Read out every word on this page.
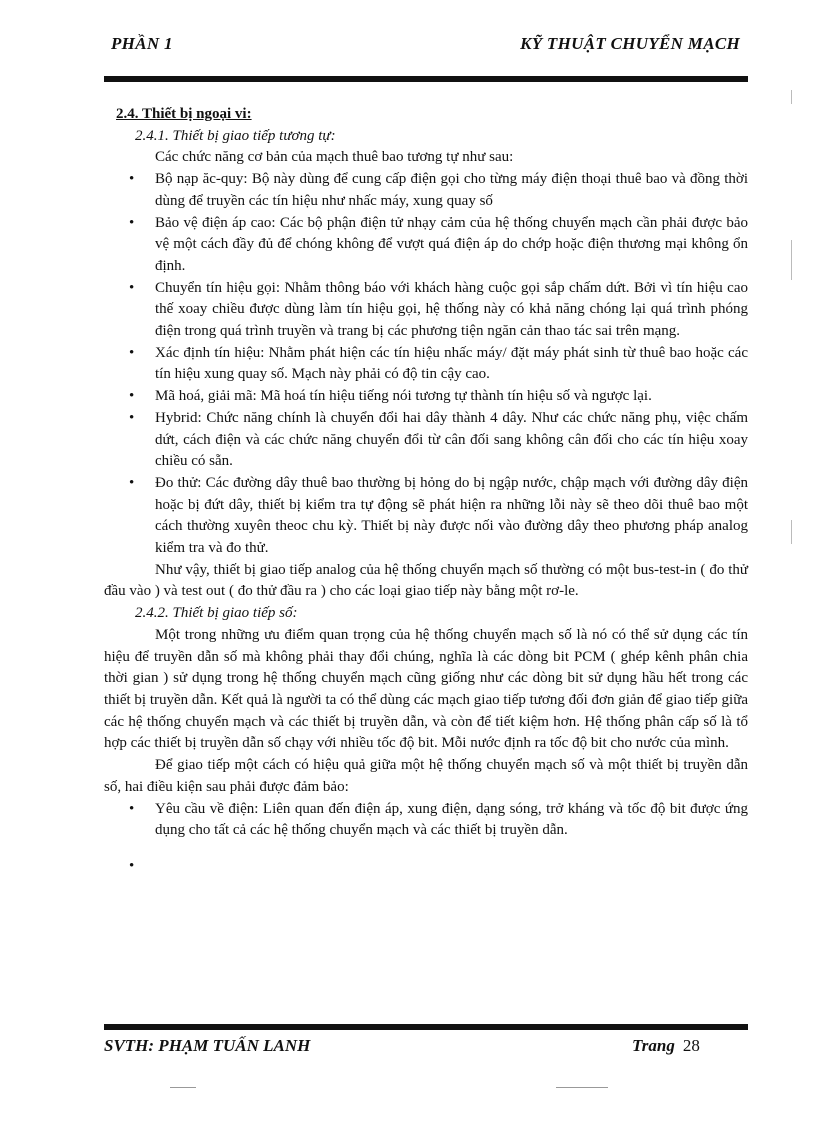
PHẦN 1	KỸ THUẬT CHUYỂN MẠCH

2.4. Thiết bị ngoại vi:

2.4.1. Thiết bị giao tiếp tương tự:

Các chức năng cơ bản của mạch thuê bao tương tự như sau:

• Bộ nạp ăc-quy: Bộ này dùng để cung cấp điện gọi cho từng máy điện thoại thuê bao và đồng thời dùng để truyền các tín hiệu như nhấc máy, xung quay số
• Bảo vệ điện áp cao: Các bộ phận điện tử nhạy cảm của hệ thống chuyển mạch cần phải được bảo vệ một cách đầy đủ để chóng không để vượt quá điện áp do chớp hoặc điện thương mại không ổn định.
• Chuyển tín hiệu gọi: Nhằm thông báo với khách hàng cuộc gọi sắp chấm dứt. Bởi vì tín hiệu cao thế xoay chiều được dùng làm tín hiệu gọi, hệ thống này có khả năng chóng lại quá trình phóng điện trong quá trình truyền và trang bị các phương tiện ngăn cản thao tác sai trên mạng.
• Xác định tín hiệu: Nhằm phát hiện các tín hiệu nhấc máy/ đặt máy phát sinh từ thuê bao hoặc các tín hiệu xung quay số. Mạch này phải có độ tin cậy cao.
• Mã hoá, giải mã: Mã hoá tín hiệu tiếng nói tương tự thành tín hiệu số và ngược lại.
• Hybrid: Chức năng chính là chuyển đổi hai dây thành 4 dây. Như các chức năng phụ, việc chấm dứt, cách điện và các chức năng chuyển đổi từ cân đối sang không cân đối cho các tín hiệu xoay chiều có sẵn.
• Đo thử: Các đường dây thuê bao thường bị hỏng do bị ngập nước, chập mạch với đường dây điện hoặc bị đứt dây, thiết bị kiểm tra tự động sẽ phát hiện ra những lỗi này sẽ theo dõi thuê bao một cách thường xuyên theoc chu kỳ. Thiết bị này được nối vào đường dây theo phương pháp analog kiểm tra và đo thử.

Như vậy, thiết bị giao tiếp analog của hệ thống chuyển mạch số thường có một bus-test-in ( đo thử đầu vào ) và test out ( đo thử đầu ra ) cho các loại giao tiếp này bằng một rơ-le.

2.4.2. Thiết bị giao tiếp số:

Một trong những ưu điểm quan trọng của hệ thống chuyển mạch số là nó có thể sử dụng các tín hiệu để truyền dẫn số mà không phải thay đổi chúng, nghĩa là các dòng bit PCM ( ghép kênh phân chia thời gian ) sử dụng trong hệ thống chuyển mạch cũng giống như các dòng bit sử dụng hầu hết trong các thiết bị truyền dẫn. Kết quả là người ta có thể dùng các mạch giao tiếp tương đối đơn giản để giao tiếp giữa các hệ thống chuyển mạch và các thiết bị truyền dẫn, và còn để tiết kiệm hơn. Hệ thống phân cấp số là tổ hợp các thiết bị truyền dẫn số chạy với nhiều tốc độ bit. Mỗi nước định ra tốc độ bit cho nước của mình.

Để giao tiếp một cách có hiệu quả giữa một hệ thống chuyển mạch số và một thiết bị truyền dẫn số, hai điều kiện sau phải được đảm bảo:

• Yêu cầu về điện: Liên quan đến điện áp, xung điện, dạng sóng, trở kháng và tốc độ bit được ứng dụng cho tất cả các hệ thống chuyển mạch và các thiết bị truyền dẫn.
•
SVTH: PHẠM TUẤN LANH	Trang 28
